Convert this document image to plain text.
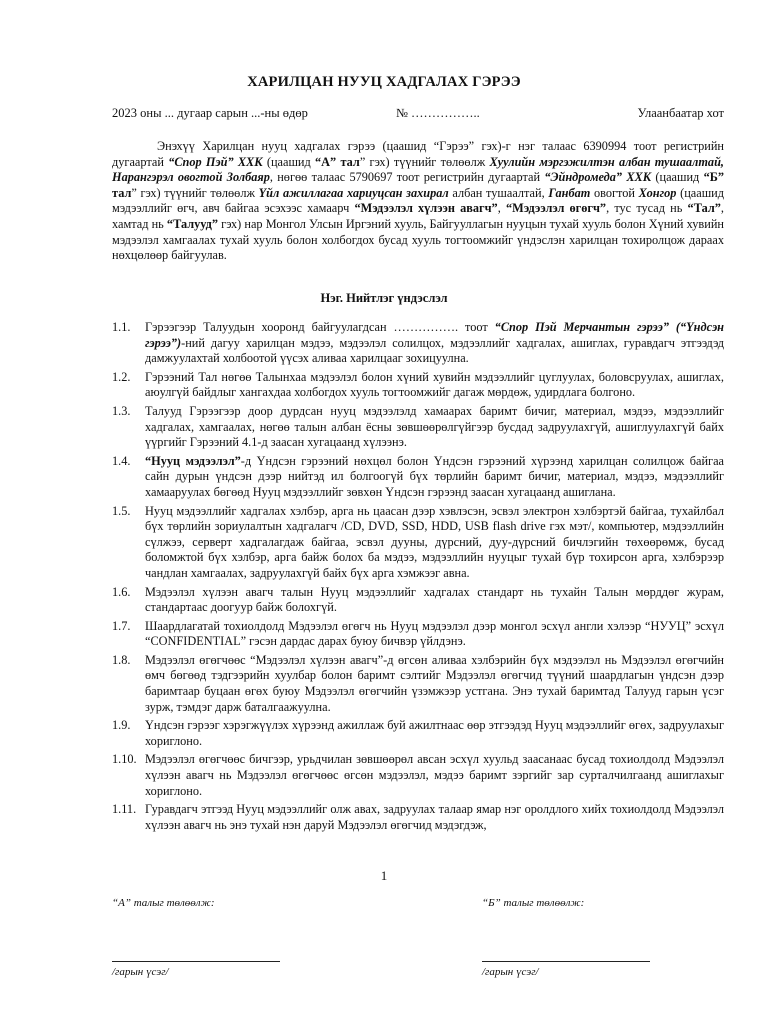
ХАРИЛЦАН НУУЦ ХАДГАЛАХ ГЭРЭЭ
2023 оны ... дугаар сарын ...-ны өдөр	№ ……………..	Улаанбаатар хот

Энэхүү Харилцан нууц хадгалах гэрээ (цаашид “Гэрээ” гэх)-г нэг талаас 6390994 тоот регистрийн дугаартай “Спор Пэй” ХХК (цаашид “А” тал” гэх) түүнийг төлөөлж Хуулийн мэргэжилтэн албан тушаалтай, Нарангэрэл овогтой Золбаяр, нөгөө талаас 5790697 тоот регистрийн дугаартай “Эйндромеда” ХХК (цаашид “Б” тал” гэх) түүнийг төлөөлж Үйл ажиллагаа хариуцсан захирал албан тушаалтай, Ганбат овогтой Хонгор (цаашид мэдээллийг өгч, авч байгаа эсэхээс хамаарч “Мэдээлэл хүлээн авагч”, “Мэдээлэл өгөгч”, тус тусад нь “Тал”, хамтад нь “Талууд” гэх) нар Монгол Улсын Иргэний хууль, Байгууллагын нууцын тухай хууль болон Хүний хувийн мэдээлэл хамгаалах тухай хууль болон холбогдох бусад хууль тогтоомжийг үндэслэн харилцан тохиролцож дараах нөхцөлөөр байгуулав.

Нэг. Нийтлэг үндэслэл
1.1. Гэрээгээр Талуудын хооронд байгуулагдсан ……………. тоот “Спор Пэй Мерчантын гэрээ” (“Үндсэн гэрээ”)-ний дагуу харилцан мэдээ, мэдээлэл солилцох, мэдээллийг хадгалах, ашиглах, гуравдагч этгээдэд дамжуулахтай холбоотой үүсэх аливаа харилцааг зохицуулна.
1.2. Гэрээний Тал нөгөө Талынхаа мэдээлэл болон хүний хувийн мэдээллийг цуглуулах, боловсруулах, ашиглах, аюулгүй байдлыг хангахдаа холбогдох хууль тогтоомжийг дагаж мөрдөж, удирдлага болгоно.
1.3. Талууд Гэрээгээр доор дурдсан нууц мэдээлэлд хамаарах баримт бичиг, материал, мэдээ, мэдээллийг хадгалах, хамгаалах, нөгөө талын албан ёсны зөвшөөрөлгүйгээр бусдад задруулахгүй, ашиглуулахгүй байх үүргийг Гэрээний 4.1-д заасан хугацаанд хүлээнэ.
1.4. “Нууц мэдээлэл”-д Үндсэн гэрээний нөхцөл болон Үндсэн гэрээний хүрээнд харилцан солилцож байгаа сайн дурын үндсэн дээр нийтэд ил болгоогүй бүх төрлийн баримт бичиг, материал, мэдээ, мэдээллийг хамааруулах бөгөөд Нууц мэдээллийг зөвхөн Үндсэн гэрээнд заасан хугацаанд ашиглана.
1.5. Нууц мэдээллийг хадгалах хэлбэр, арга нь цаасан дээр хэвлэсэн, эсвэл электрон хэлбэртэй байгаа, тухайлбал бүх төрлийн зориулалтын хадгалагч /CD, DVD, SSD, HDD, USB flash drive гэх мэт/, компьютер, мэдээллийн сүлжээ, серверт хадгалагдаж байгаа, эсвэл дууны, дүрсний, дуу-дүрсний бичлэгийн төхөөрөмж, бусад боломжтой бүх хэлбэр, арга байж болох ба мэдээ, мэдээллийн нууцыг тухай бүр тохирсон арга, хэлбэрээр чандлан хамгаалах, задруулахгүй байх бүх арга хэмжээг авна.
1.6. Мэдээлэл хүлээн авагч талын Нууц мэдээллийг хадгалах стандарт нь тухайн Талын мөрддөг журам, стандартаас доогуур байж болохгүй.
1.7. Шаардлагатай тохиолдолд Мэдээлэл өгөгч нь Нууц мэдээлэл дээр монгол эсхүл англи хэлээр “НУУЦ” эсхүл “CONFIDENTIAL” гэсэн дардас дарах буюу бичвэр үйлдэнэ.
1.8. Мэдээлэл өгөгчөөс “Мэдээлэл хүлээн авагч”-д өгсөн аливаа хэлбэрийн бүх мэдээлэл нь Мэдээлэл өгөгчийн өмч бөгөөд тэдгээрийн хуулбар болон баримт сэлтийг Мэдээлэл өгөгчид түүний шаардлагын үндсэн дээр баримтаар буцаан өгөх буюу Мэдээлэл өгөгчийн үзэмжээр устгана. Энэ тухай баримтад Талууд гарын үсэг зурж, тэмдэг дарж баталгаажуулна.
1.9. Үндсэн гэрээг хэрэгжүүлэх хүрээнд ажиллаж буй ажилтнаас өөр этгээдэд Нууц мэдээллийг өгөх, задруулахыг хориглоно.
1.10. Мэдээлэл өгөгчөөс бичгээр, урьдчилан зөвшөөрөл авсан эсхүл хуульд заасанаас бусад тохиолдолд Мэдээлэл хүлээн авагч нь Мэдээлэл өгөгчөөс өгсөн мэдээлэл, мэдээ баримт зэргийг зар сурталчилгаанд ашиглахыг хориглоно.
1.11. Гуравдагч этгээд Нууц мэдээллийг олж авах, задруулах талаар ямар нэг оролдлого хийх тохиолдолд Мэдээлэл хүлээн авагч нь энэ тухай нэн даруй Мэдээлэл өгөгчид мэдэгдэж,
1
“А” талыг төлөөлж:
/гарын үсэг/
“Б” талыг төлөөлж:
/гарын үсэг/
